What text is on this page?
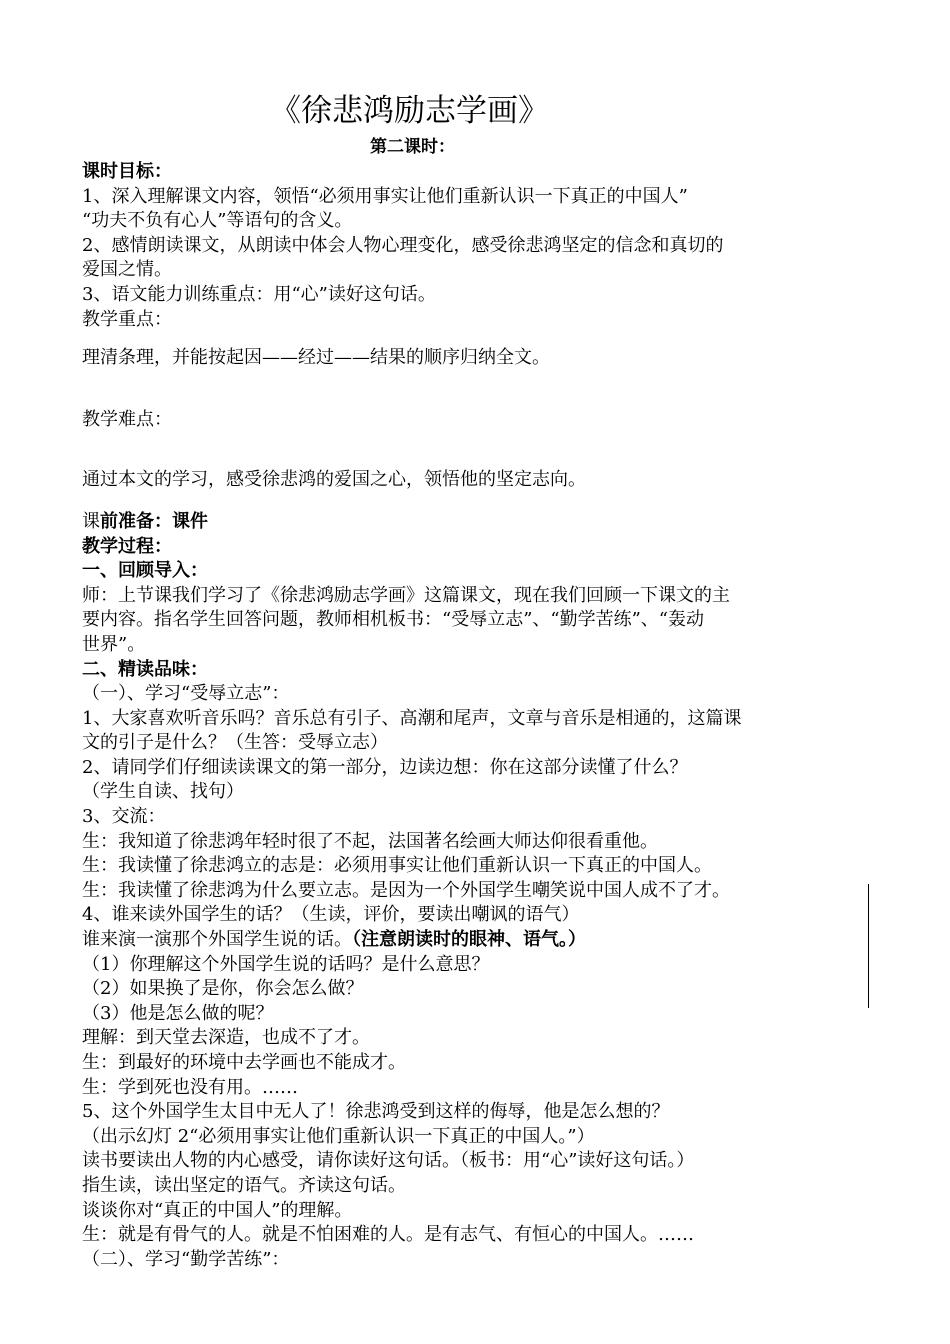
《徐悲鸿励志学画》
第二课时：
课时目标：
1、深入理解课文内容，领悟“必须用事实让他们重新认识一下真正的中国人”
“功夫不负有心人”等语句的含义。
2、感情朗读课文，从朗读中体会人物心理变化，感受徐悲鸿坚定的信念和真切的
爱国之情。
3、语文能力训练重点：用“心”读好这句话。
教学重点：
理清条理，并能按起因——经过——结果的顺序归纳全文。
教学难点：
通过本文的学习，感受徐悲鸿的爱国之心，领悟他的坚定志向。
课前准备：课件
教学过程：
一、回顾导入：
师：上节课我们学习了《徐悲鸿励志学画》这篇课文，现在我们回顾一下课文的主
要内容。指名学生回答问题，教师相机板书：“受辱立志”、“勤学苦练”、“轰动
世界”。
二、精读品味：
（一）、学习“受辱立志”：
1、大家喜欢听音乐吗？音乐总有引子、高潮和尾声，文章与音乐是相通的，这篇课
文的引子是什么？（生答：受辱立志）
2、请同学们仔细读读课文的第一部分，边读边想：你在这部分读懂了什么？
（学生自读、找句）
3、交流：
生：我知道了徐悲鸿年轻时很了不起，法国著名绘画大师达仰很看重他。
生：我读懂了徐悲鸿立的志是：必须用事实让他们重新认识一下真正的中国人。
生：我读懂了徐悲鸿为什么要立志。是因为一个外国学生嘲笑说中国人成不了才。
4、谁来读外国学生的话？（生读，评价，要读出嘲讽的语气）
谁来演一演那个外国学生说的话。（注意朗读时的眼神、语气。）
（1）你理解这个外国学生说的话吗？是什么意思？
（2）如果换了是你，你会怎么做？
（3）他是怎么做的呢？
理解：到天堂去深造，也成不了才。
生：到最好的环境中去学画也不能成才。
生：学到死也没有用。……
5、这个外国学生太目中无人了！徐悲鸿受到这样的侮辱，他是怎么想的？
（出示幻灯 2“必须用事实让他们重新认识一下真正的中国人。”）
读书要读出人物的内心感受，请你读好这句话。（板书：用“心”读好这句话。）
指生读，读出坚定的语气。齐读这句话。
谈谈你对“真正的中国人”的理解。
生：就是有骨气的人。就是不怕困难的人。是有志气、有恒心的中国人。……
（二）、学习“勤学苦练”：
